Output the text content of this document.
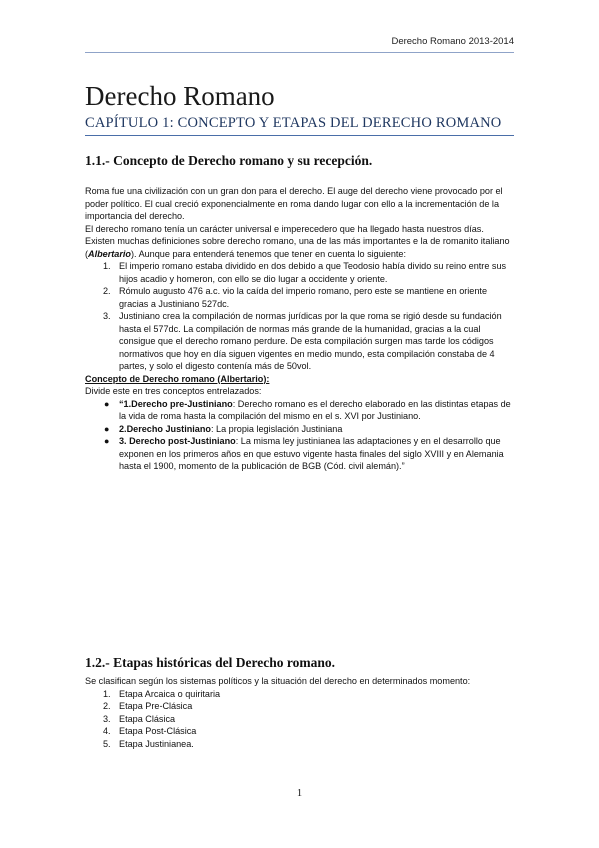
Derecho Romano 2013-2014
Derecho Romano
CAPÍTULO 1: CONCEPTO Y ETAPAS DEL DERECHO ROMANO
1.1.- Concepto de Derecho romano y su recepción.

Roma fue una civilización con un gran don para el derecho. El auge del derecho viene provocado por el poder político. El cual creció exponencialmente en roma dando lugar con ello a la incrementación de la importancia del derecho.

El derecho romano tenía un carácter universal e imperecedero que ha llegado hasta nuestros días.

Existen muchas definiciones sobre derecho romano, una de las más importantes e la de romanito italiano (Albertario). Aunque para entenderá tenemos que tener en cuenta lo siguiente:

1. El imperio romano estaba dividido en dos debido a que Teodosio había divido su reino entre sus hijos acadio y homeron, con ello se dio lugar a occidente y oriente.
2. Rómulo augusto 476 a.c. vio la caída del imperio romano, pero este se mantiene en oriente gracias a Justiniano 527dc.
3. Justiniano crea la compilación de normas jurídicas por la que roma se rigió desde su fundación hasta el 577dc. La compilación de normas más grande de la humanidad, gracias a la cual consigue que el derecho romano perdure. De esta compilación surgen mas tarde los códigos normativos que hoy en día siguen vigentes en medio mundo, esta compilación constaba de 4 partes, y solo el digesto contenía más de 50vol.

Concepto de Derecho romano (Albertario):

Divide este en tres conceptos entrelazados:

● “1.Derecho pre-Justiniano: Derecho romano es el derecho elaborado en las distintas etapas de la vida de roma hasta la compilación del mismo en el s. XVI por Justiniano.
● 2.Derecho Justiniano: La propia legislación Justiniana
● 3. Derecho post-Justiniano: La misma ley justinianea las adaptaciones y en el desarrollo que exponen en los primeros años en que estuvo vigente hasta finales del siglo XVIII y en Alemania hasta el 1900, momento de la publicación de BGB (Cód. civil alemán).”
1.2.- Etapas históricas del Derecho romano.

Se clasifican según los sistemas políticos y la situación del derecho en determinados momento:

1. Etapa Arcaica o quiritaria
2. Etapa Pre-Clásica
3. Etapa Clásica
4. Etapa Post-Clásica
5. Etapa Justinianea.
1
